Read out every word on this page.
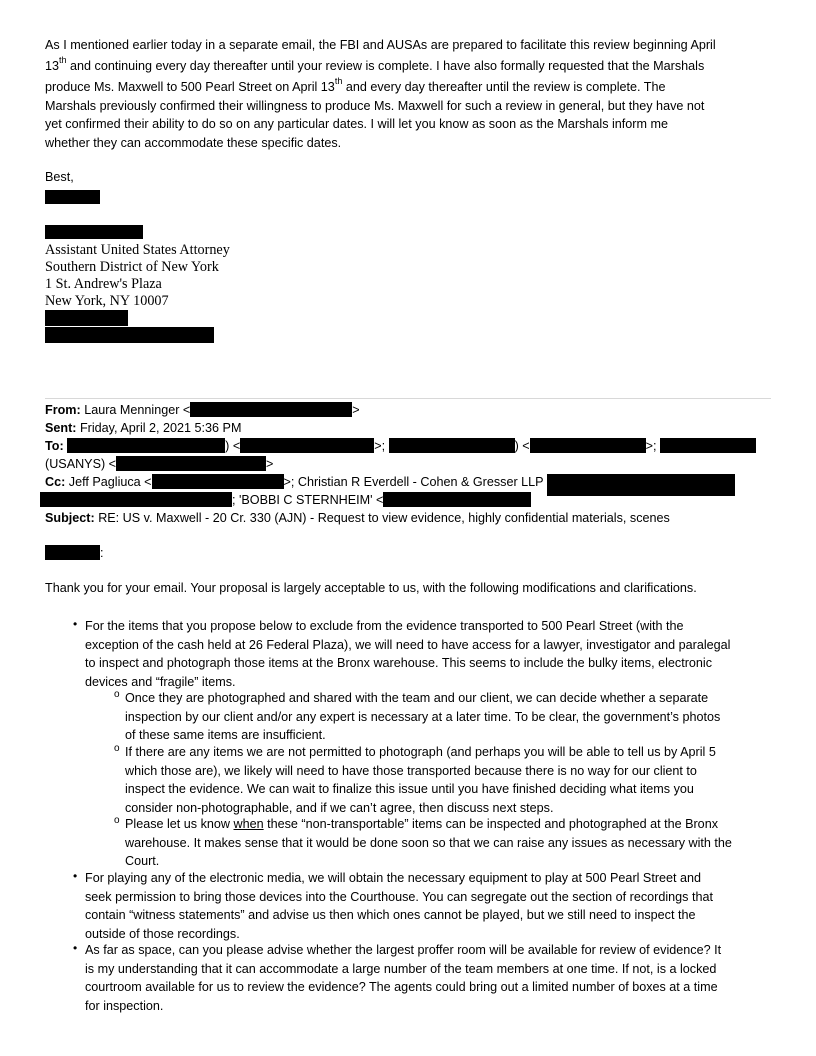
As I mentioned earlier today in a separate email, the FBI and AUSAs are prepared to facilitate this review beginning April
13th and continuing every day thereafter until your review is complete. I have also formally requested that the Marshals
produce Ms. Maxwell to 500 Pearl Street on April 13th and every day thereafter until the review is complete. The
Marshals previously confirmed their willingness to produce Ms. Maxwell for such a review in general, but they have not
yet confirmed their ability to do so on any particular dates. I will let you know as soon as the Marshals inform me
whether they can accommodate these specific dates.
Best,
Assistant United States Attorney
Southern District of New York
1 St. Andrew's Plaza
New York, NY 10007
From: Laura Menninger <	>
Sent: Friday, April 2, 2021 5:36 PM
To:	) <	>;	) <	>;
(USANYS) <	>
Cc: Jeff Pagliuca <	>; Christian R Everdell - Cohen & Gresser LLP
; 'BOBBI C STERNHEIM' <
Subject: RE: US v. Maxwell - 20 Cr. 330 (AJN) - Request to view evidence, highly confidential materials, scenes
:
Thank you for your email. Your proposal is largely acceptable to us, with the following modifications and clarifications.
• For the items that you propose below to exclude from the evidence transported to 500 Pearl Street (with the
exception of the cash held at 26 Federal Plaza), we will need to have access for a lawyer, investigator and paralegal
to inspect and photograph those items at the Bronx warehouse. This seems to include the bulky items, electronic
devices and “fragile” items.
o Once they are photographed and shared with the team and our client, we can decide whether a separate
inspection by our client and/or any expert is necessary at a later time. To be clear, the government’s photos
of these same items are insufficient.
o If there are any items we are not permitted to photograph (and perhaps you will be able to tell us by April 5
which those are), we likely will need to have those transported because there is no way for our client to
inspect the evidence. We can wait to finalize this issue until you have finished deciding what items you
consider non-photographable, and if we can’t agree, then discuss next steps.
o Please let us know when these “non-transportable” items can be inspected and photographed at the Bronx
warehouse. It makes sense that it would be done soon so that we can raise any issues as necessary with the
Court.
• For playing any of the electronic media, we will obtain the necessary equipment to play at 500 Pearl Street and
seek permission to bring those devices into the Courthouse. You can segregate out the section of recordings that
contain “witness statements” and advise us then which ones cannot be played, but we still need to inspect the
outside of those recordings.
• As far as space, can you please advise whether the largest proffer room will be available for review of evidence? It
is my understanding that it can accommodate a large number of the team members at one time. If not, is a locked
courtroom available for us to review the evidence? The agents could bring out a limited number of boxes at a time
for inspection.
